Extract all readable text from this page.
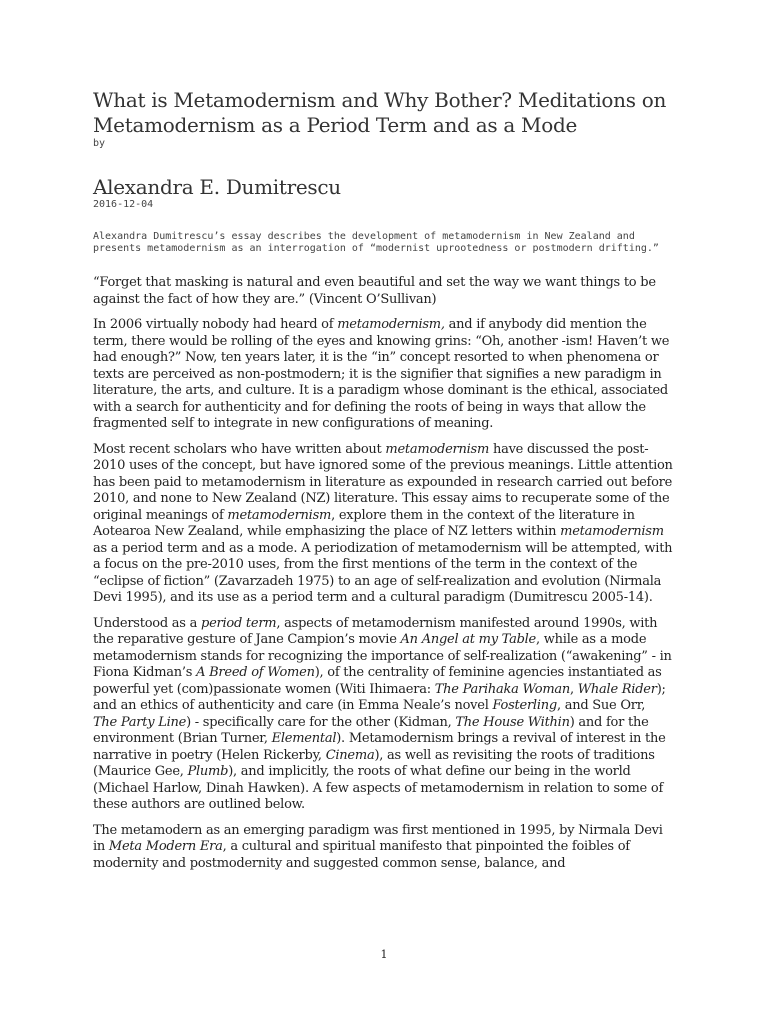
What is Metamodernism and Why Bother? Meditations on Metamodernism as a Period Term and as a Mode

by

Alexandra E. Dumitrescu

2016-12-04

Alexandra Dumitrescu’s essay describes the development of metamodernism in New Zealand and presents metamodernism as an interrogation of “modernist uprootedness or postmodern drifting.”

“Forget that masking is natural and even beautiful and set the way we want things to be against the fact of how they are.” (Vincent O’Sullivan)

In 2006 virtually nobody had heard of metamodernism, and if anybody did mention the term, there would be rolling of the eyes and knowing grins: “Oh, another -ism! Haven’t we had enough?” Now, ten years later, it is the “in” concept resorted to when phenomena or texts are perceived as non-postmodern; it is the signifier that signifies a new paradigm in literature, the arts, and culture. It is a paradigm whose dominant is the ethical, associated with a search for authenticity and for defining the roots of being in ways that allow the fragmented self to integrate in new configurations of meaning.

Most recent scholars who have written about metamodernism have discussed the post-2010 uses of the concept, but have ignored some of the previous meanings. Little attention has been paid to metamodernism in literature as expounded in research carried out before 2010, and none to New Zealand (NZ) literature. This essay aims to recuperate some of the original meanings of metamodernism, explore them in the context of the literature in Aotearoa New Zealand, while emphasizing the place of NZ letters within metamodernism as a period term and as a mode. A periodization of metamodernism will be attempted, with a focus on the pre-2010 uses, from the first mentions of the term in the context of the “eclipse of fiction” (Zavarzadeh 1975) to an age of self-realization and evolution (Nirmala Devi 1995), and its use as a period term and a cultural paradigm (Dumitrescu 2005-14).

Understood as a period term, aspects of metamodernism manifested around 1990s, with the reparative gesture of Jane Campion’s movie An Angel at my Table, while as a mode metamodernism stands for recognizing the importance of self-realization (“awakening” - in Fiona Kidman’s A Breed of Women), of the centrality of feminine agencies instantiated as powerful yet (com)passionate women (Witi Ihimaera: The Parihaka Woman, Whale Rider); and an ethics of authenticity and care (in Emma Neale’s novel Fosterling, and Sue Orr, The Party Line) - specifically care for the other (Kidman, The House Within) and for the environment (Brian Turner, Elemental). Metamodernism brings a revival of interest in the narrative in poetry (Helen Rickerby, Cinema), as well as revisiting the roots of traditions (Maurice Gee, Plumb), and implicitly, the roots of what define our being in the world (Michael Harlow, Dinah Hawken). A few aspects of metamodernism in relation to some of these authors are outlined below.

The metamodern as an emerging paradigm was first mentioned in 1995, by Nirmala Devi in Meta Modern Era, a cultural and spiritual manifesto that pinpointed the foibles of modernity and postmodernity and suggested common sense, balance, and

1
